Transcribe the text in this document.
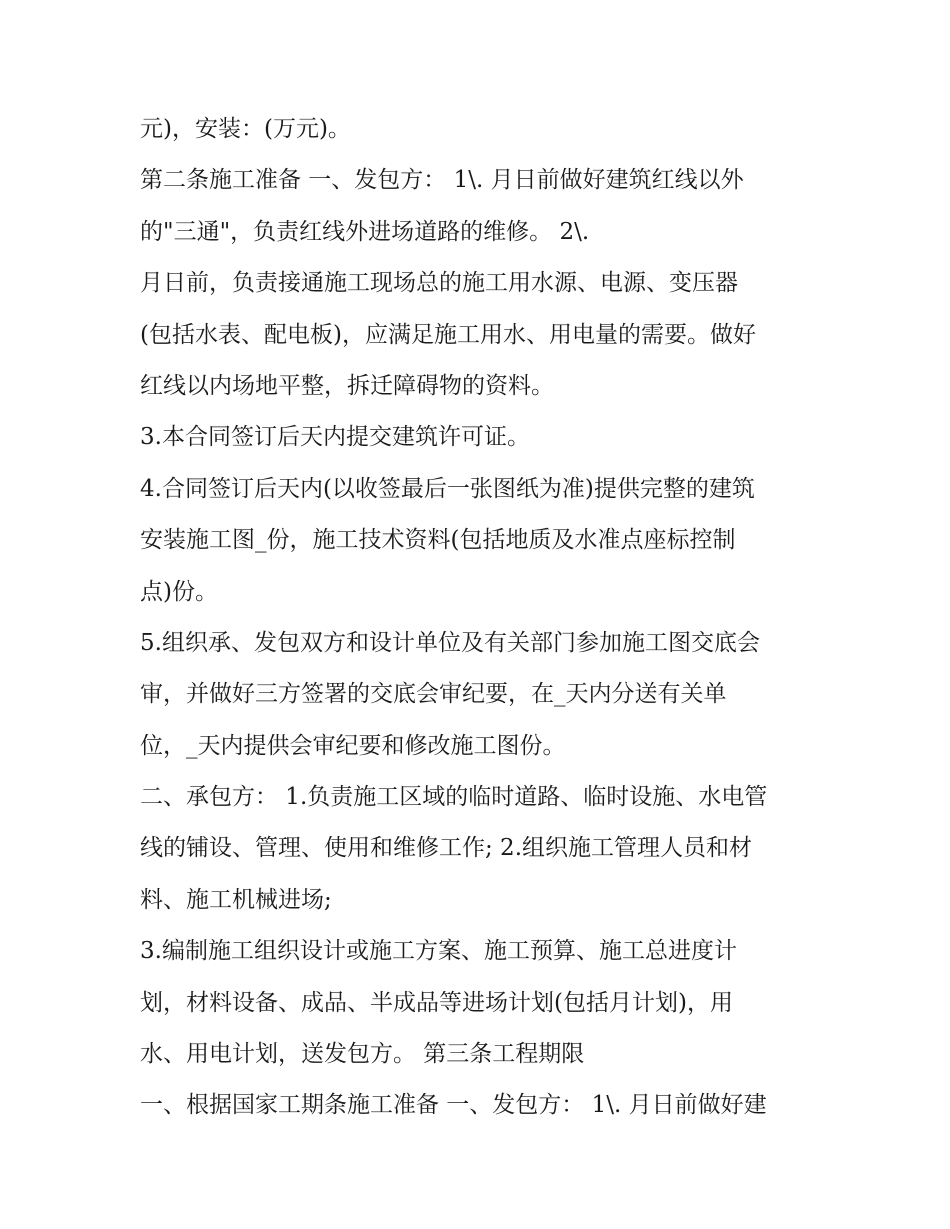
元)，安装：(万元)。
第二条施工准备 一、发包方： 1\. 月日前做好建筑红线以外
的"三通"，负责红线外进场道路的维修。 2\.
月日前，负责接通施工现场总的施工用水源、电源、变压器
(包括水表、配电板)，应满足施工用水、用电量的需要。做好
红线以内场地平整，拆迁障碍物的资料。
3.本合同签订后天内提交建筑许可证。
4.合同签订后天内(以收签最后一张图纸为准)提供完整的建筑
安装施工图_份，施工技术资料(包括地质及水准点座标控制
点)份。
5.组织承、发包双方和设计单位及有关部门参加施工图交底会
审，并做好三方签署的交底会审纪要，在_天内分送有关单
位，_天内提供会审纪要和修改施工图份。
二、承包方： 1.负责施工区域的临时道路、临时设施、水电管
线的铺设、管理、使用和维修工作; 2.组织施工管理人员和材
料、施工机械进场;
3.编制施工组织设计或施工方案、施工预算、施工总进度计
划，材料设备、成品、半成品等进场计划(包括月计划)，用
水、用电计划，送发包方。 第三条工程期限
一、根据国家工期条施工准备 一、发包方： 1\. 月日前做好建
